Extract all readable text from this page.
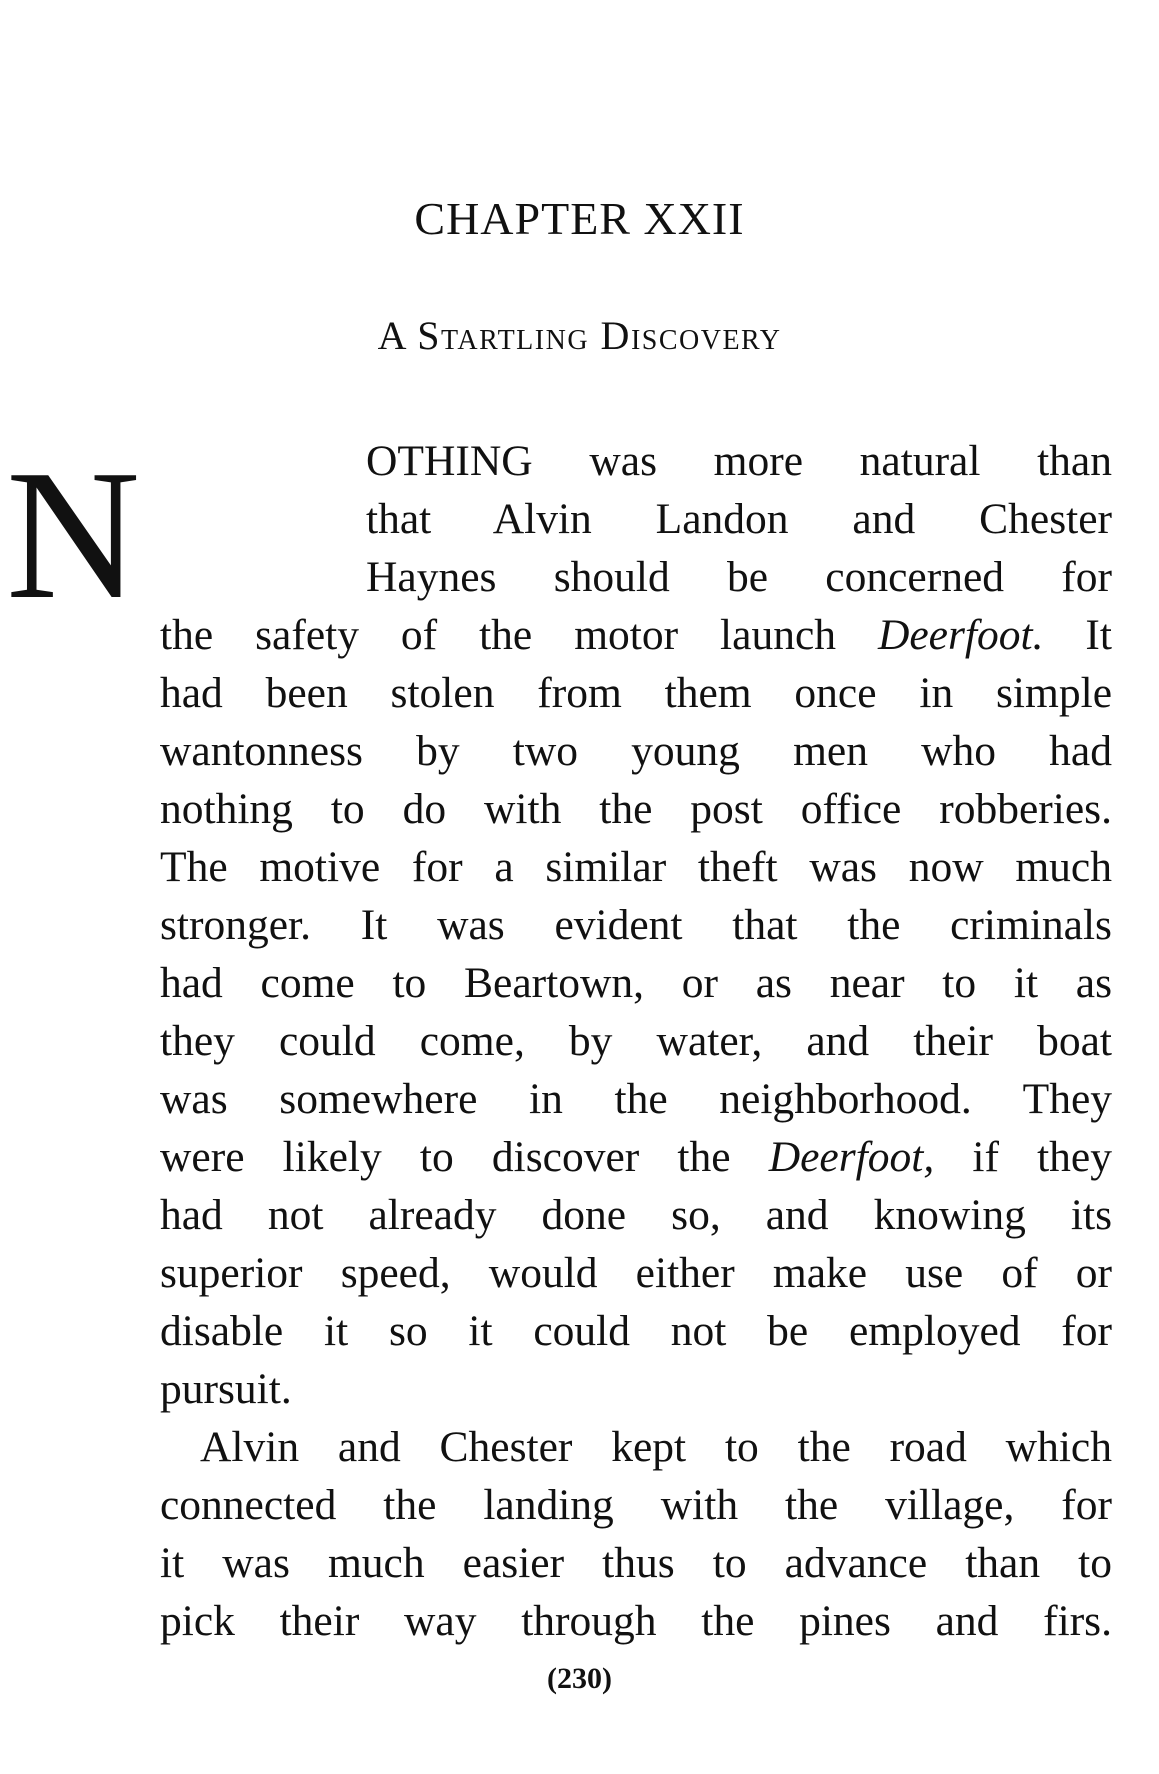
CHAPTER XXII
A Startling Discovery
N	OTHING was more natural than
that Alvin Landon and Chester
Haynes should be concerned for
the safety of the motor launch Deerfoot. It
had been stolen from them once in simple
wantonness by two young men who had
nothing to do with the post office robberies.
The motive for a similar theft was now much
stronger. It was evident that the criminals
had come to Beartown, or as near to it as
they could come, by water, and their boat
was somewhere in the neighborhood. They
were likely to discover the Deerfoot, if they
had not already done so, and knowing its
superior speed, would either make use of or
disable it so it could not be employed for
pursuit.
Alvin and Chester kept to the road which
connected the landing with the village, for
it was much easier thus to advance than to
pick their way through the pines and firs.
(230)
